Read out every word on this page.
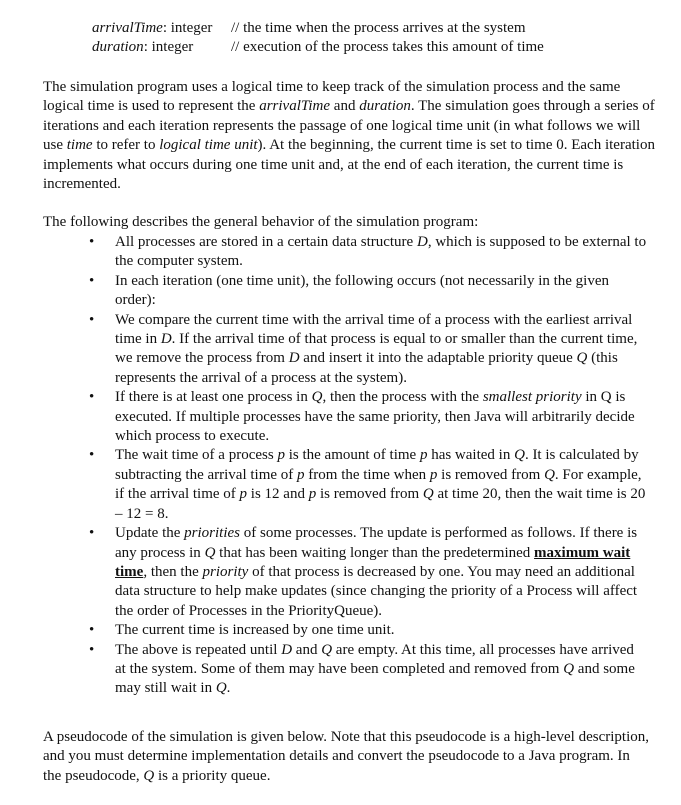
arrivalTime: integer // the time when the process arrives at the system
duration: integer	// execution of the process takes this amount of time

The simulation program uses a logical time to keep track of the simulation process and the same logical time is used to represent the arrivalTime and duration. The simulation goes through a series of iterations and each iteration represents the passage of one logical time unit (in what follows we will use time to refer to logical time unit). At the beginning, the current time is set to time 0. Each iteration implements what occurs during one time unit and, at the end of each iteration, the current time is incremented.

The following describes the general behavior of the simulation program:

• All processes are stored in a certain data structure D, which is supposed to be external to the computer system.
• In each iteration (one time unit), the following occurs (not necessarily in the given order):
• We compare the current time with the arrival time of a process with the earliest arrival time in D. If the arrival time of that process is equal to or smaller than the current time, we remove the process from D and insert it into the adaptable priority queue Q (this represents the arrival of a process at the system).
• If there is at least one process in Q, then the process with the smallest priority in Q is executed. If multiple processes have the same priority, then Java will arbitrarily decide which process to execute.
• The wait time of a process p is the amount of time p has waited in Q. It is calculated by subtracting the arrival time of p from the time when p is removed from Q. For example, if the arrival time of p is 12 and p is removed from Q at time 20, then the wait time is 20 – 12 = 8.
• Update the priorities of some processes. The update is performed as follows. If there is any process in Q that has been waiting longer than the predetermined maximum wait time, then the priority of that process is decreased by one. You may need an additional data structure to help make updates (since changing the priority of a Process will affect the order of Processes in the PriorityQueue).
• The current time is increased by one time unit.
• The above is repeated until D and Q are empty. At this time, all processes have arrived at the system. Some of them may have been completed and removed from Q and some may still wait in Q.

A pseudocode of the simulation is given below. Note that this pseudocode is a high-level description, and you must determine implementation details and convert the pseudocode to a Java program. In the pseudocode, Q is a priority queue.
